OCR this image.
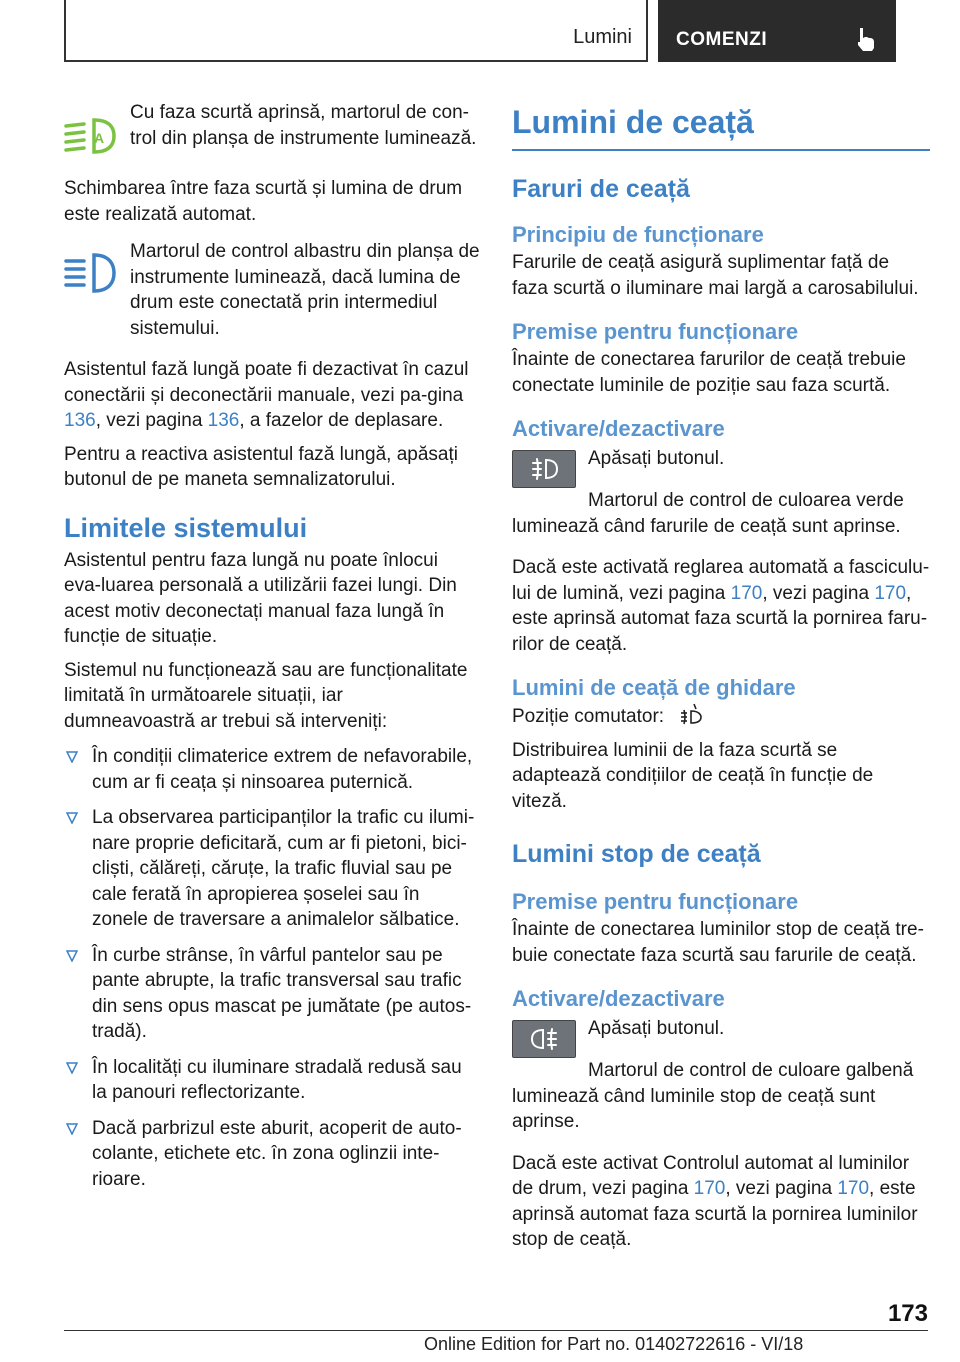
Lumini COMENZI
A

Cu faza scurtă aprinsă, martorul de con-trol din planșa de instrumente luminează.

Schimbarea între faza scurtă și lumina de drum este realizată automat.

Martorul de control albastru din planșa de instrumente luminează, dacă lumina de drum este conectată prin intermediul sistemului.

Asistentul fază lungă poate fi dezactivat în cazul conectării și deconectării manuale, vezi pa-gina 136, vezi pagina 136, a fazelor de deplasare.

Pentru a reactiva asistentul fază lungă, apăsați butonul de pe maneta semnalizatorului.

Limitele sistemului

Asistentul pentru faza lungă nu poate înlocui eva-luarea personală a utilizării fazei lungi. Din acest motiv deconectați manual faza lungă în funcție de situație.

Sistemul nu funcționează sau are funcționalitate limitată în următoarele situații, iar dumneavoastră ar trebui să interveniți:

În condiții climaterice extrem de nefavorabile, cum ar fi ceața și ninsoarea puternică.
La observarea participanților la trafic cu ilumi-nare proprie deficitară, cum ar fi pietoni, bici-cliști, călăreți, căruțe, la trafic fluvial sau pe cale ferată în apropierea șoselei sau în zonele de traversare a animalelor sălbatice.
În curbe strânse, în vârful pantelor sau pe pante abrupte, la trafic transversal sau trafic din sens opus mascat pe jumătate (pe autos-tradă).
În localități cu iluminare stradală redusă sau la panouri reflectorizante.
Dacă parbrizul este aburit, acoperit de auto-colante, etichete etc. în zona oglinzii inte-rioare.
Lumini de ceață
Faruri de ceață
Principiu de funcționare

Farurile de ceață asigură suplimentar față de faza scurtă o iluminare mai largă a carosabilului.

Premise pentru funcționare

Înainte de conectarea farurilor de ceață trebuie conectate luminile de poziție sau faza scurtă.

Activare/dezactivare

Apăsați butonul.

Martorul de control de culoarea verde luminează când farurile de ceață sunt aprinse.

Dacă este activată reglarea automată a fasciculu-lui de lumină, vezi pagina 170, vezi pagina 170, este aprinsă automat faza scurtă la pornirea faru-rilor de ceață.

Lumini de ceață de ghidare

Poziție comutator:

Distribuirea luminii de la faza scurtă se adaptează condițiilor de ceață în funcție de viteză.

Lumini stop de ceață
Premise pentru funcționare

Înainte de conectarea luminilor stop de ceață tre-buie conectate faza scurtă sau farurile de ceață.

Activare/dezactivare

Apăsați butonul.

Martorul de control de culoare galbenă luminează când luminile stop de ceață sunt aprinse.

Dacă este activat Controlul automat al luminilor de drum, vezi pagina 170, vezi pagina 170, este aprinsă automat faza scurtă la pornirea luminilor stop de ceață.

173
Online Edition for Part no. 01402722616 - VI/18
